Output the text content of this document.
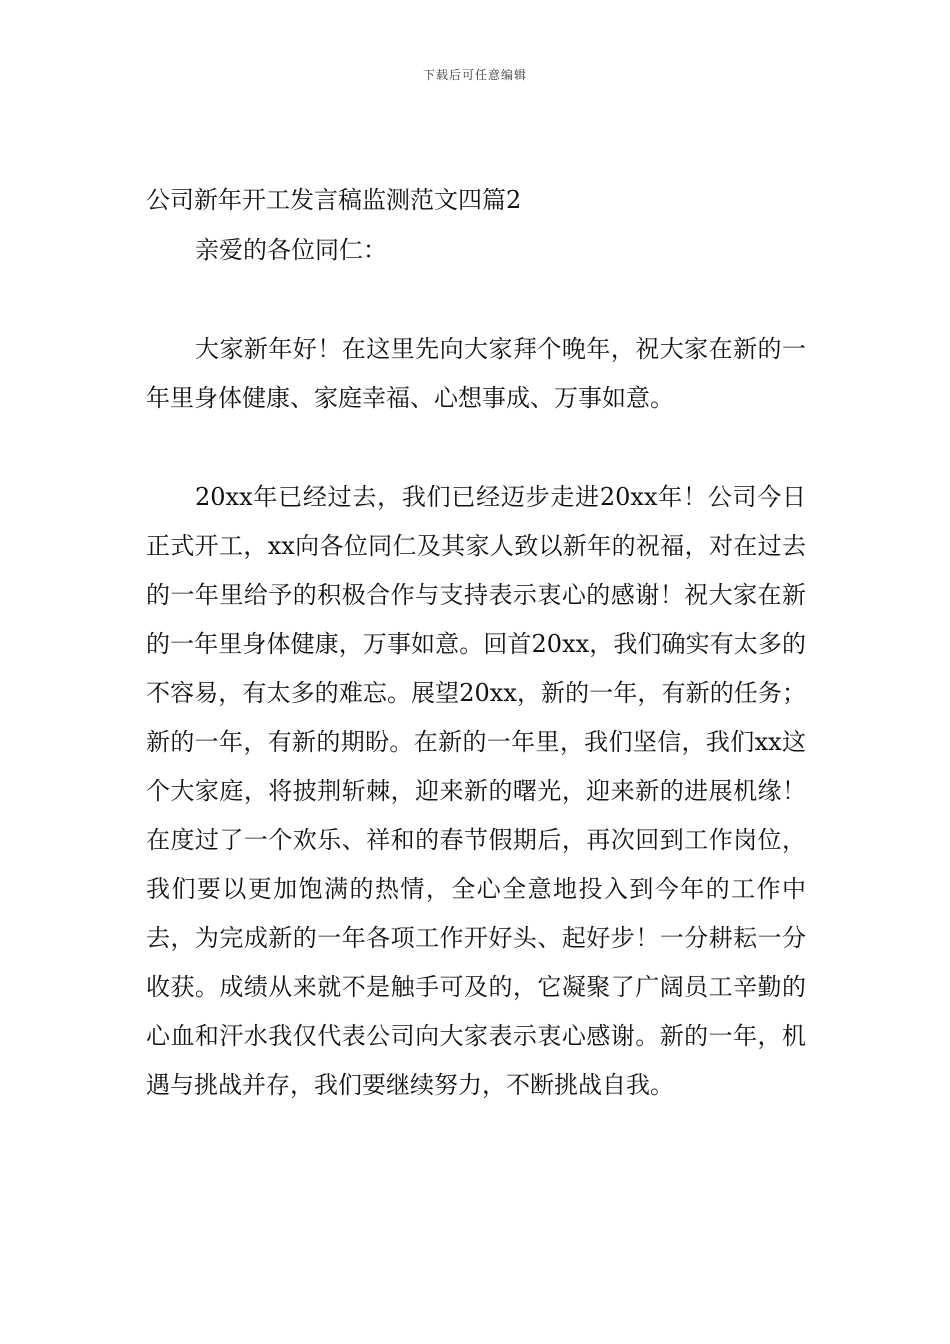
下载后可任意编辑
公司新年开工发言稿监测范文四篇2
亲爱的各位同仁：

大家新年好！在这里先向大家拜个晚年，祝大家在新的一年里身体健康、家庭幸福、心想事成、万事如意。

20xx年已经过去，我们已经迈步走进20xx年！公司今日正式开工，xx向各位同仁及其家人致以新年的祝福，对在过去的一年里给予的积极合作与支持表示衷心的感谢！祝大家在新的一年里身体健康，万事如意。回首20xx，我们确实有太多的不容易，有太多的难忘。展望20xx，新的一年，有新的任务；新的一年，有新的期盼。在新的一年里，我们坚信，我们xx这个大家庭，将披荆斩棘，迎来新的曙光，迎来新的进展机缘！在度过了一个欢乐、祥和的春节假期后，再次回到工作岗位，我们要以更加饱满的热情，全心全意地投入到今年的工作中去，为完成新的一年各项工作开好头、起好步！一分耕耘一分收获。成绩从来就不是触手可及的，它凝聚了广阔员工辛勤的心血和汗水我仅代表公司向大家表示衷心感谢。新的一年，机遇与挑战并存，我们要继续努力，不断挑战自我。
